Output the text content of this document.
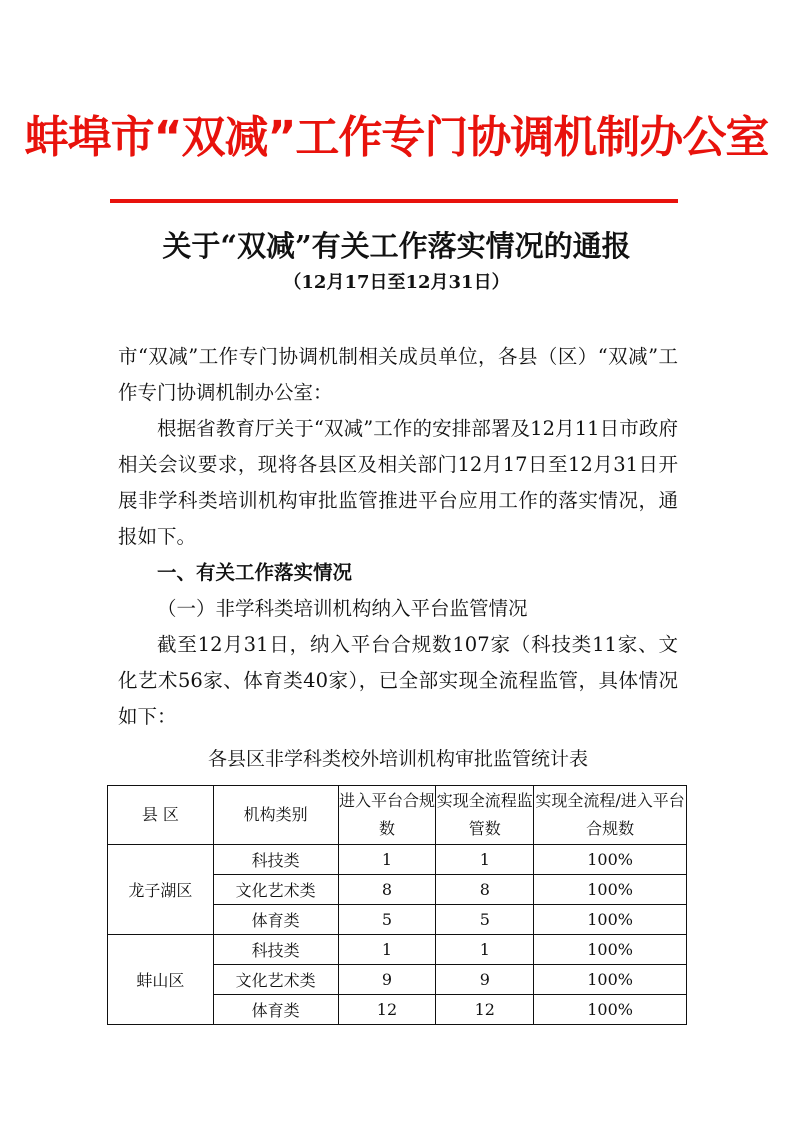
蚌埠市“双减”工作专门协调机制办公室
关于“双减”有关工作落实情况的通报
（12月17日至12月31日）

市“双减”工作专门协调机制相关成员单位，各县（区）“双减”工作专门协调机制办公室：

根据省教育厅关于“双减”工作的安排部署及12月11日市政府相关会议要求，现将各县区及相关部门12月17日至12月31日开展非学科类培训机构审批监管推进平台应用工作的落实情况，通报如下。

一、有关工作落实情况

（一）非学科类培训机构纳入平台监管情况

截至12月31日，纳入平台合规数107家（科技类11家、文化艺术56家、体育类40家），已全部实现全流程监管，具体情况如下：

各县区非学科类校外培训机构审批监管统计表
县 区	机构类别	进入平台合规数	实现全流程监管数	实现全流程/进入平台合规数
龙子湖区	科技类	1	1	100%
	文化艺术类	8	8	100%
	体育类	5	5	100%
蚌山区	科技类	1	1	100%
	文化艺术类	9	9	100%
	体育类	12	12	100%
